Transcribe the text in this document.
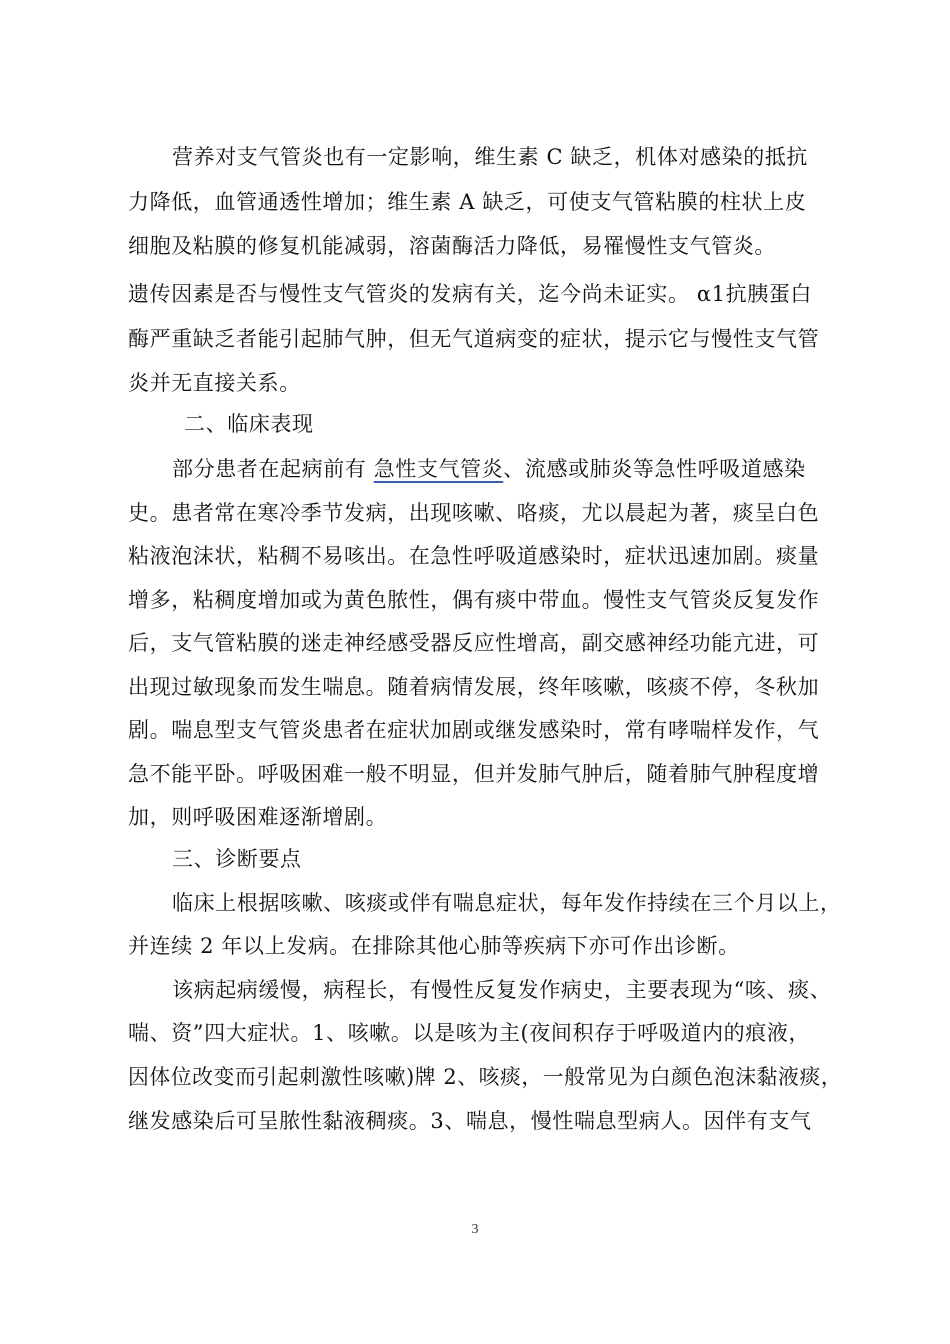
营养对支气管炎也有一定影响，维生素 C 缺乏，机体对感染的抵抗
力降低，血管通透性增加；维生素 A 缺乏，可使支气管粘膜的柱状上皮
细胞及粘膜的修复机能减弱，溶菌酶活力降低，易罹慢性支气管炎。
遗传因素是否与慢性支气管炎的发病有关，迄今尚未证实。 α1抗胰蛋白
酶严重缺乏者能引起肺气肿，但无气道病变的症状，提示它与慢性支气管
炎并无直接关系。
二、临床表现
部分患者在起病前有 急性支气管炎、流感或肺炎等急性呼吸道感染
史。患者常在寒冷季节发病，出现咳嗽、咯痰，尤以晨起为著，痰呈白色
粘液泡沫状，粘稠不易咳出。在急性呼吸道感染时，症状迅速加剧。痰量
增多，粘稠度增加或为黄色脓性，偶有痰中带血。慢性支气管炎反复发作
后，支气管粘膜的迷走神经感受器反应性增高，副交感神经功能亢进，可
出现过敏现象而发生喘息。随着病情发展，终年咳嗽，咳痰不停，冬秋加
剧。喘息型支气管炎患者在症状加剧或继发感染时，常有哮喘样发作，气
急不能平卧。呼吸困难一般不明显，但并发肺气肿后，随着肺气肿程度增
加，则呼吸困难逐渐增剧。
三、诊断要点
临床上根据咳嗽、咳痰或伴有喘息症状，每年发作持续在三个月以上，
并连续 2 年以上发病。在排除其他心肺等疾病下亦可作出诊断。
该病起病缓慢，病程长，有慢性反复发作病史，主要表现为“咳、痰、
喘、资”四大症状。1、咳嗽。以是咳为主(夜间积存于呼吸道内的痕液，
因体位改变而引起刺激性咳嗽)牌 2、咳痰，一般常见为白颜色泡沫黏液痰，
继发感染后可呈脓性黏液稠痰。3、喘息，慢性喘息型病人。因伴有支气
3
